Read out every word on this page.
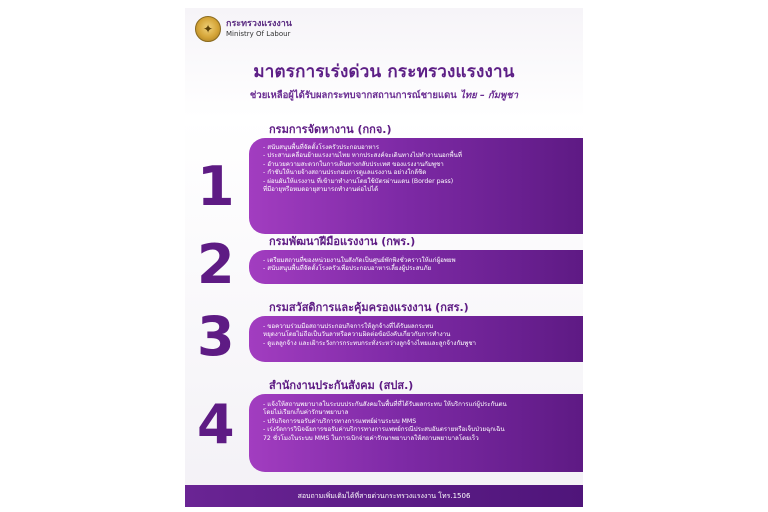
✦	กระทรวงแรงงาน
Ministry Of Labour
มาตรการเร่งด่วน กระทรวงแรงงาน
ช่วยเหลือผู้ได้รับผลกระทบจากสถานการณ์ชายแดน ไทย – กัมพูชา
กรมการจัดหางาน (กกจ.)
1
- สนับสนุนพื้นที่จัดตั้งโรงครัวประกอบอาหาร
- ประสานเคลื่อนย้ายแรงงานไทย หากประสงค์จะเดินทางไปทำงานนอกพื้นที่
- อำนวยความสะดวกในการเดินทางกลับประเทศ ของแรงงานกัมพูชา
- กำชับให้นายจ้างสถานประกอบการดูแลแรงงาน อย่างใกล้ชิด
- ผ่อนผันให้แรงงาน ที่เข้ามาทำงานโดยใช้บัตรผ่านแดน (Border pass)
ที่มีอายุหรือหมดอายุสามารถทำงานต่อไปได้
กรมพัฒนาฝีมือแรงงาน (กพร.)
2	- เตรียมสถานที่ของหน่วยงานในสังกัดเป็นศูนย์พักพิงชั่วคราวให้แก่ผู้อพยพ
- สนับสนุนพื้นที่จัดตั้งโรงครัวเพื่อประกอบอาหารเลี้ยงผู้ประสบภัย
กรมสวัสดิการและคุ้มครองแรงงาน (กสร.)
3	- ขอความร่วมมือสถานประกอบกิจการให้ลูกจ้างที่ได้รับผลกระทบ
หยุดงานโดยไม่ถือเป็นวันลาหรือความผิดต่อข้อบังคับเกี่ยวกับการทำงาน
- ดูแลลูกจ้าง และเฝ้าระวังการกระทบกระทั่งระหว่างลูกจ้างไทยและลูกจ้างกัมพูชา
สำนักงานประกันสังคม (สปส.)
4	- แจ้งให้สถานพยาบาลในระบบประกันสังคมในพื้นที่ที่ได้รับผลกระทบ ให้บริการแก่ผู้ประกันตน
โดยไม่เรียกเก็บค่ารักษาพยาบาล
- ปรับกิจการขอรับค่าบริการทางการแพทย์ผ่านระบบ MMS
- เร่งรัดการวินิจฉัยการขอรับค่าบริการทางการแพทย์กรณีประสบอันตรายหรือเจ็บป่วยฉุกเฉิน
72 ชั่วโมงในระบบ MMS ในการเบิกจ่ายค่ารักษาพยาบาลให้สถานพยาบาลโดยเร็ว
สอบถามเพิ่มเติมได้ที่สายด่วนกระทรวงแรงงาน โทร.1506
